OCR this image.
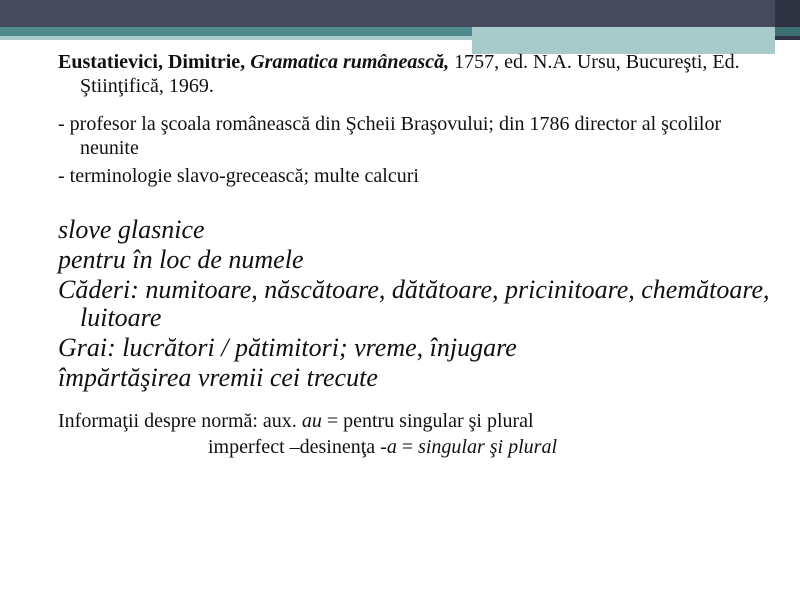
Eustatievici, Dimitrie, Gramatica rumânească, 1757, ed. N.A. Ursu, Bucureşti, Ed. Ştiinţifică, 1969.

- profesor la şcoala românească din Şcheii Braşovului; din 1786 director al şcolilor neunite

- terminologie slavo-grecească; multe calcuri

slove glasnice

pentru în loc de numele

Căderi: numitoare, născătoare, dătătoare, pricinitoare, chemătoare, luitoare

Grai: lucrători / pătimitori; vreme, înjugare

împărtăşirea vremii cei trecute

Informaţii despre normă: aux. au = pentru singular şi plural

imperfect –desinenţa -a = singular şi plural
